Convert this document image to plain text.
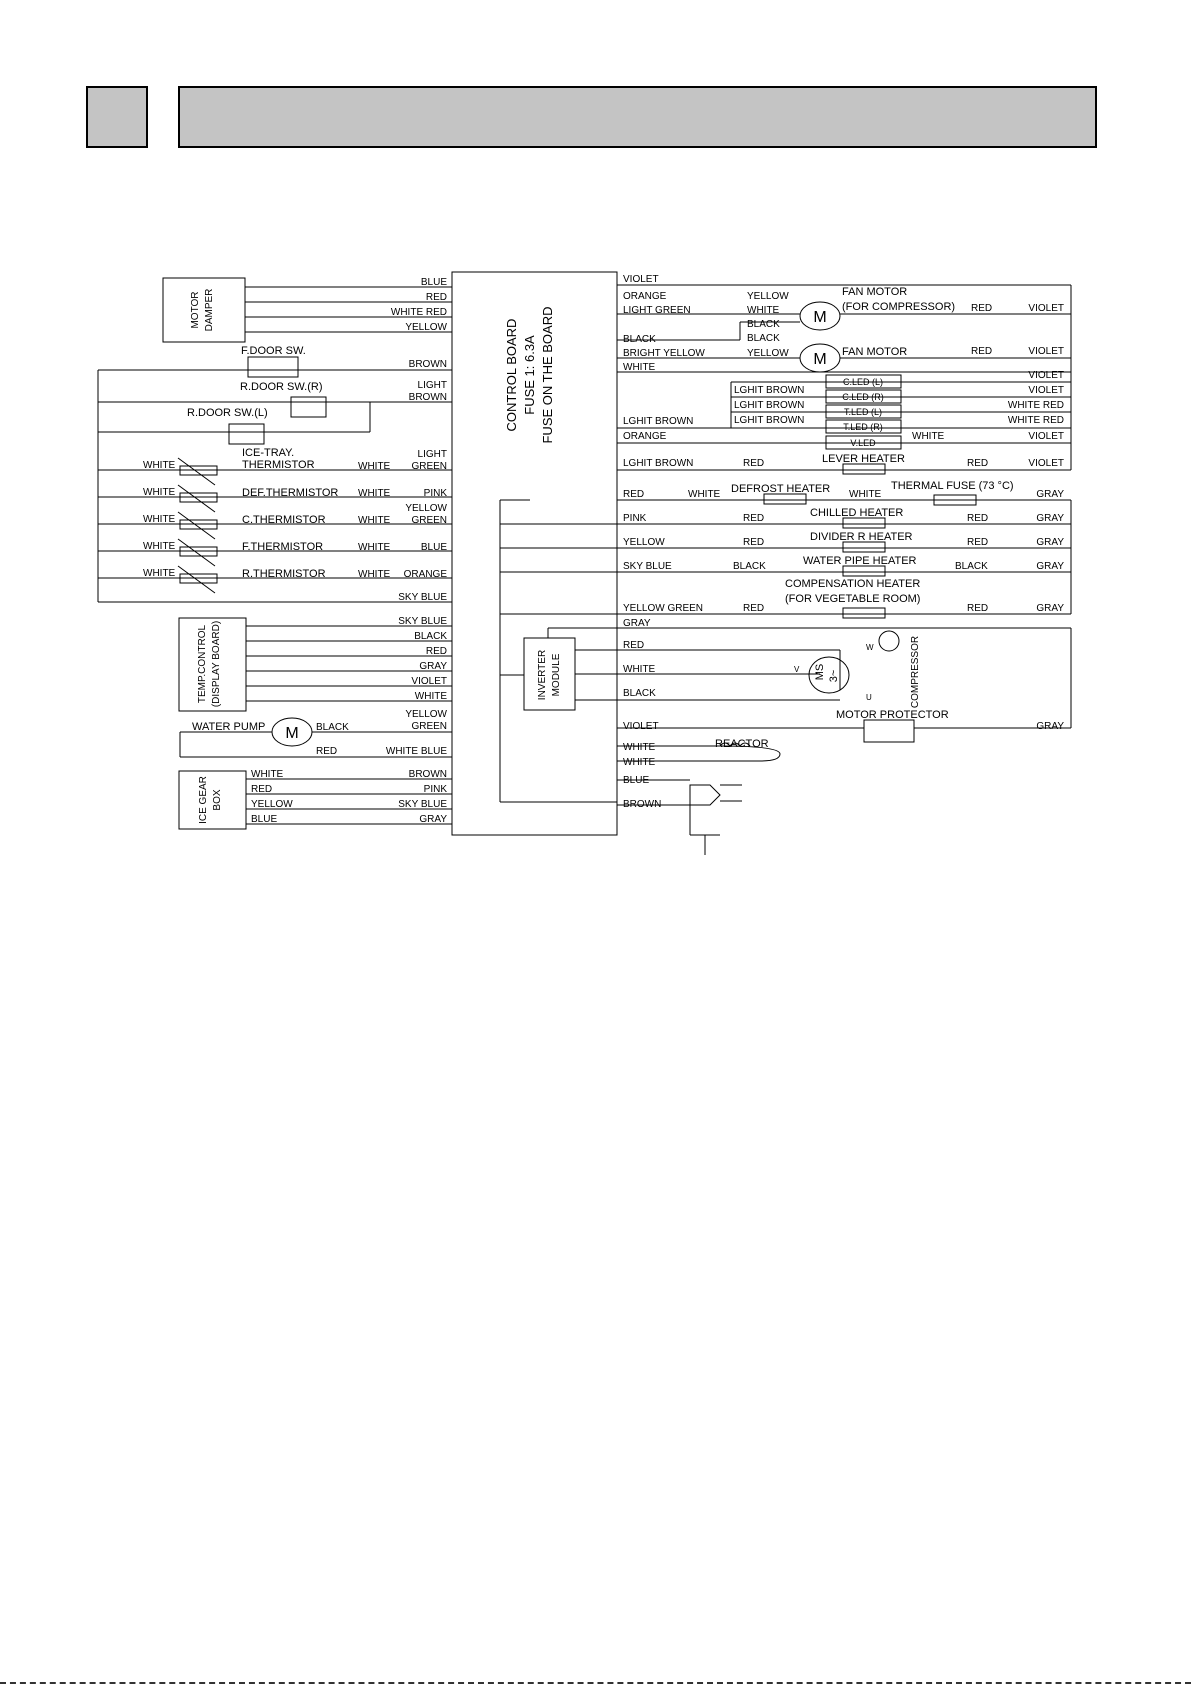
MOTOR DAMPER
TEMP.CONTROL (DISPLAY BOARD)
ICE GEAR BOX
CONTROL BOARD FUSE 1: 6.3A FUSE ON THE BOARD
INVERTER MODULE	COMPRESSOR
MS 3~
M
M
M
W
V
U
F.DOOR SW.
R.DOOR SW.(R)
R.DOOR SW.(L)
ICE-TRAY.
THERMISTOR
DEF.THERMISTOR
C.THERMISTOR
F.THERMISTOR
R.THERMISTOR
WATER PUMP
FAN MOTOR
(FOR COMPRESSOR)
FAN MOTOR
C.LED (L)
C.LED (R)
T.LED (L)
T.LED (R)
V.LED
LEVER HEATER
DEFROST HEATER	THERMAL FUSE (73 °C)
CHILLED HEATER
DIVIDER R HEATER
WATER PIPE HEATER
COMPENSATION HEATER
(FOR VEGETABLE ROOM)
MOTOR PROTECTOR
REACTOR
BLUE
RED
WHITE RED
YELLOW
BROWN
LIGHT
BROWN
LIGHT
GREEN
PINK
YELLOW
GREEN
BLUE
ORANGE
SKY BLUE
SKY BLUE
BLACK
RED
GRAY
VIOLET
WHITE
YELLOW
GREEN
WHITE BLUE
BROWN
PINK
SKY BLUE
GRAY
WHITE
WHITE
WHITE
WHITE
WHITE
WHITE
WHITE
WHITE
WHITE
WHITE
BLACK
RED
WHITE
RED
YELLOW
BLUE
VIOLET
ORANGE
LIGHT GREEN
BLACK
BRIGHT YELLOW
WHITE
LGHIT BROWN
ORANGE
LGHIT BROWN
RED
PINK
YELLOW
SKY BLUE
YELLOW GREEN
GRAY
RED
WHITE
BLACK
VIOLET
WHITE
WHITE
BLUE
BROWN
YELLOW
WHITE
BLACK
BLACK
YELLOW
LGHIT BROWN
LGHIT BROWN
LGHIT BROWN
WHITE
RED
WHITE	WHITE
RED
RED
BLACK
RED
RED
RED
RED
RED
RED
BLACK
RED
VIOLET
VIOLET
VIOLET
VIOLET
WHITE RED
WHITE RED
VIOLET
VIOLET
GRAY
GRAY
GRAY
GRAY
GRAY
GRAY
